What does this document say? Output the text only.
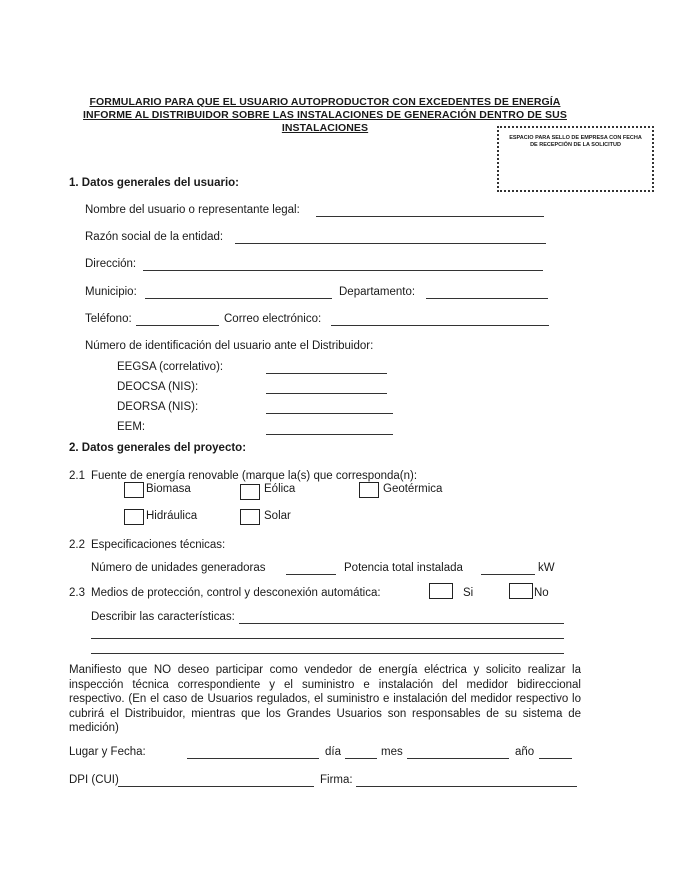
FORMULARIO PARA QUE EL USUARIO AUTOPRODUCTOR CON EXCEDENTES DE ENERGÍA
INFORME AL DISTRIBUIDOR SOBRE LAS INSTALACIONES DE GENERACIÓN DENTRO DE SUS
INSTALACIONES
ESPACIO PARA SELLO DE EMPRESA CON FECHA
DE RECEPCIÓN DE LA SOLICITUD
1. Datos generales del usuario:
Nombre del usuario o representante legal:
Razón social de la entidad:
Dirección:
Municipio:	Departamento:
Teléfono:	Correo electrónico:
Número de identificación del usuario ante el Distribuidor:
EEGSA (correlativo):
DEOCSA (NIS):
DEORSA (NIS):
EEM:
2. Datos generales del proyecto:
2.1 Fuente de energía renovable (marque la(s) que corresponda(n):
Biomasa	Eólica	Geotérmica
Hidráulica	Solar
2.2 Especificaciones técnicas:
Número de unidades generadoras	Potencia total instalada	kW
2.3 Medios de protección, control y desconexión automática:	Si	No
Describir las características:
Manifiesto que NO deseo participar como vendedor de energía eléctrica y solicito realizar la inspección técnica correspondiente y el suministro e instalación del medidor bidireccional respectivo. (En el caso de Usuarios regulados, el suministro e instalación del medidor respectivo lo cubrirá el Distribuidor, mientras que los Grandes Usuarios son responsables de su sistema de medición)
Lugar y Fecha:	día	mes	año
DPI (CUI)	Firma:
